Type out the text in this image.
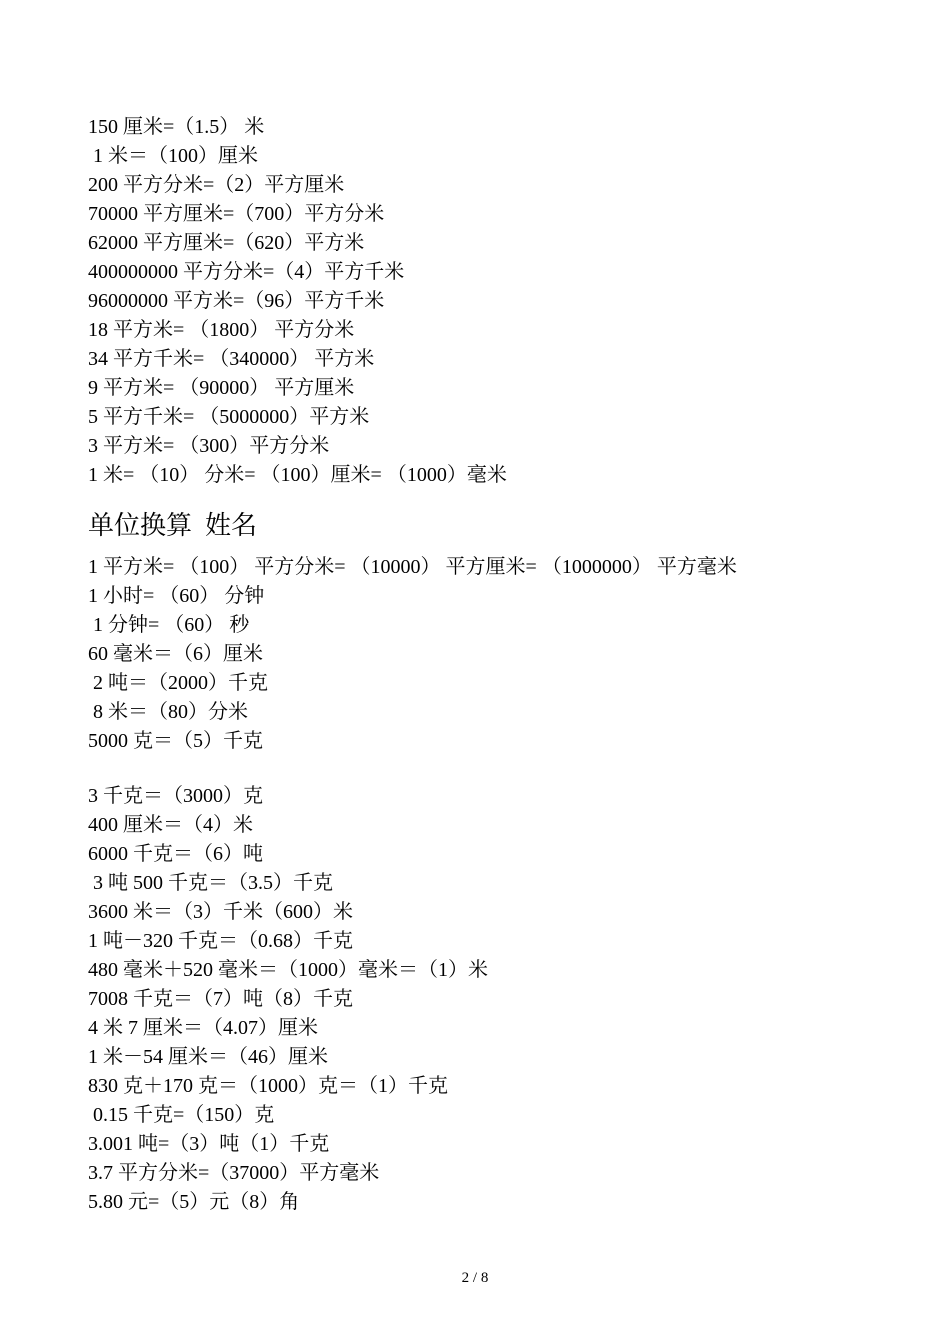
150 厘米=（1.5） 米
1 米＝（100）厘米
200 平方分米=（2）平方厘米
70000 平方厘米=（700）平方分米
62000 平方厘米=（620）平方米
400000000 平方分米=（4）平方千米
96000000 平方米=（96）平方千米
18 平方米= （1800） 平方分米
34 平方千米= （340000） 平方米
9 平方米= （90000） 平方厘米
5 平方千米= （5000000）平方米
3 平方米= （300）平方分米
1 米= （10） 分米= （100）厘米= （1000）毫米
单位换算  姓名
1 平方米= （100） 平方分米= （10000） 平方厘米= （1000000） 平方毫米
1 小时= （60） 分钟
1 分钟= （60） 秒
60 毫米＝（6）厘米
2 吨＝（2000）千克
8 米＝（80）分米
5000 克＝（5）千克
3 千克＝（3000）克
400 厘米＝（4）米
6000 千克＝（6）吨
3 吨 500 千克＝（3.5）千克
3600 米＝（3）千米（600）米
1 吨－320 千克＝（0.68）千克
480 毫米＋520 毫米＝（1000）毫米＝（1）米
7008 千克＝（7）吨（8）千克
4 米 7 厘米＝（4.07）厘米
1 米－54 厘米＝（46）厘米
830 克＋170 克＝（1000）克＝（1）千克
0.15 千克=（150）克
3.001 吨=（3）吨（1）千克
3.7 平方分米=（37000）平方毫米
5.80 元=（5）元（8）角
2 / 8
